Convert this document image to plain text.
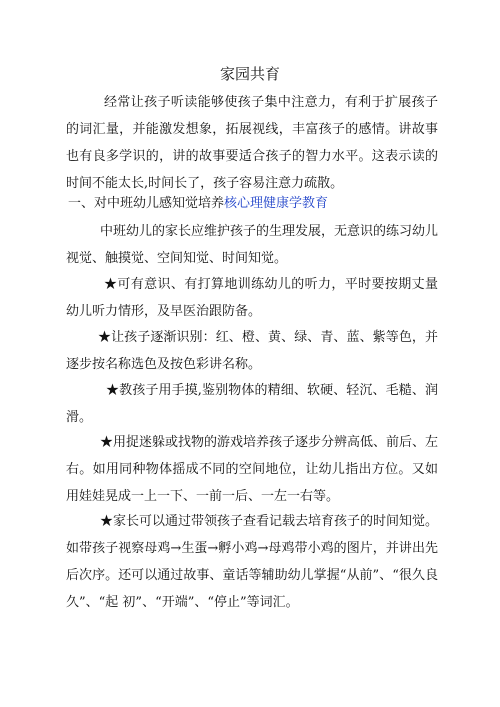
家园共育
经常让孩子听读能够使孩子集中注意力，有利于扩展孩子的词汇量，并能激发想象，拓展视线，丰富孩子的感情。讲故事也有良多学识的，讲的故事要适合孩子的智力水平。这表示读的时间不能太长,时间长了，孩子容易注意力疏散。
一、对中班幼儿感知觉培养核心理健康学教育
中班幼儿的家长应维护孩子的生理发展，无意识的练习幼儿视觉、触摸觉、空间知觉、时间知觉。
★可有意识、有打算地训练幼儿的听力，平时要按期丈量幼儿听力情形，及早医治跟防备。
★让孩子逐渐识别：红、橙、黄、绿、青、蓝、紫等色，并逐步按名称选色及按色彩讲名称。
★教孩子用手摸,鉴别物体的精细、软硬、轻沉、毛糙、润滑。
★用捉迷躲或找物的游戏培养孩子逐步分辨高低、前后、左右。如用同种物体摇成不同的空间地位，让幼儿指出方位。又如用娃娃晃成一上一下、一前一后、一左一右等。
★家长可以通过带领孩子查看记载去培育孩子的时间知觉。如带孩子视察母鸡→生蛋→孵小鸡→母鸡带小鸡的图片，并讲出先后次序。还可以通过故事、童话等辅助幼儿掌握“从前”、“很久良久”、“起 初”、“开端”、“停止”等词汇。
